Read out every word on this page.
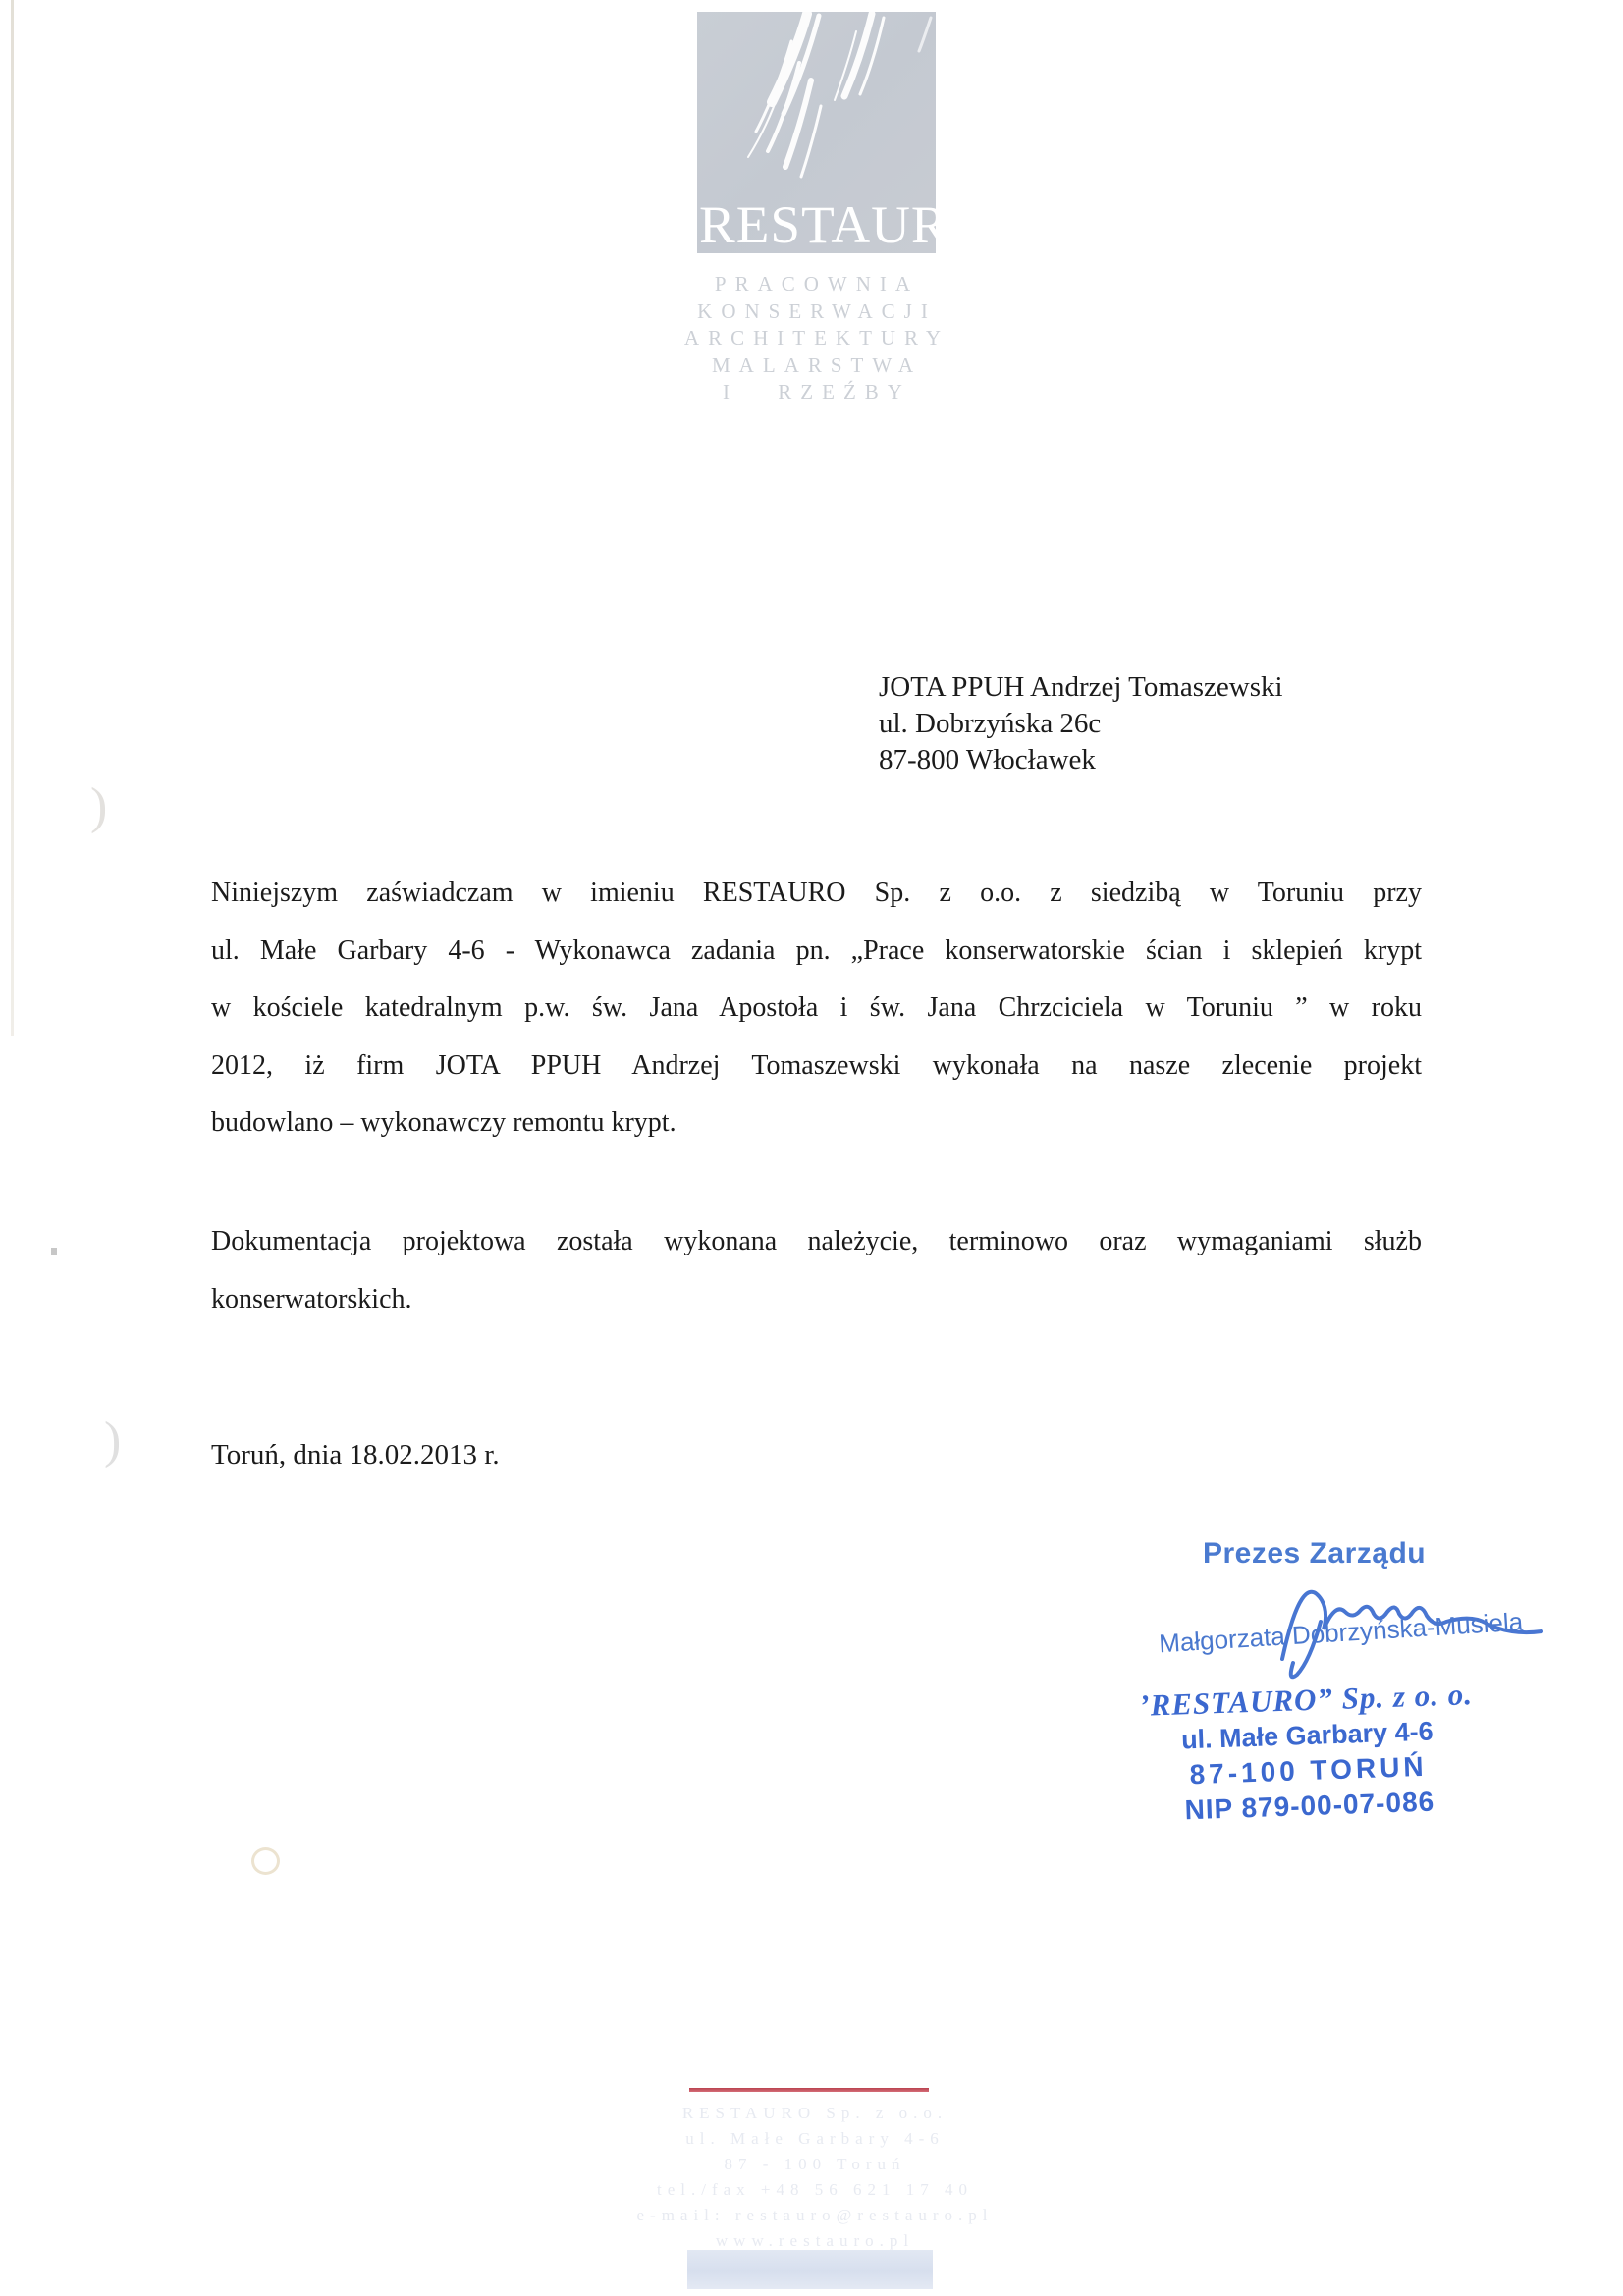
)
)
RESTAURO
PRACOWNIA
KONSERWACJI
ARCHITEKTURY
MALARSTWA
I RZEŹBY
JOTA PPUH Andrzej Tomaszewski
ul. Dobrzyńska 26c
87-800 Włocławek
Niniejszym zaświadczam w imieniu RESTAURO Sp. z o.o. z siedzibą w Toruniu przy
ul. Małe Garbary 4-6 - Wykonawca zadania pn. „Prace konserwatorskie ścian i sklepień krypt
w kościele katedralnym p.w. św. Jana Apostoła i św. Jana Chrzciciela w Toruniu ” w roku
2012, iż firm JOTA PPUH Andrzej Tomaszewski wykonała na nasze zlecenie projekt
budowlano – wykonawczy remontu krypt.
Dokumentacja projektowa została wykonana należycie, terminowo oraz wymaganiami służb
konserwatorskich.
Toruń, dnia 18.02.2013 r.
Prezes Zarządu
Małgorzata Dobrzyńska-Musiela
’RESTAURO” Sp. z o. o.
ul. Małe Garbary 4-6
87-100 TORUŃ
NIP 879-00-07-086
RESTAURO Sp. z o.o.
ul. Małe Garbary 4-6
87 - 100 Toruń
tel./fax +48 56 621 17 40
e-mail: restauro@restauro.pl
www.restauro.pl
